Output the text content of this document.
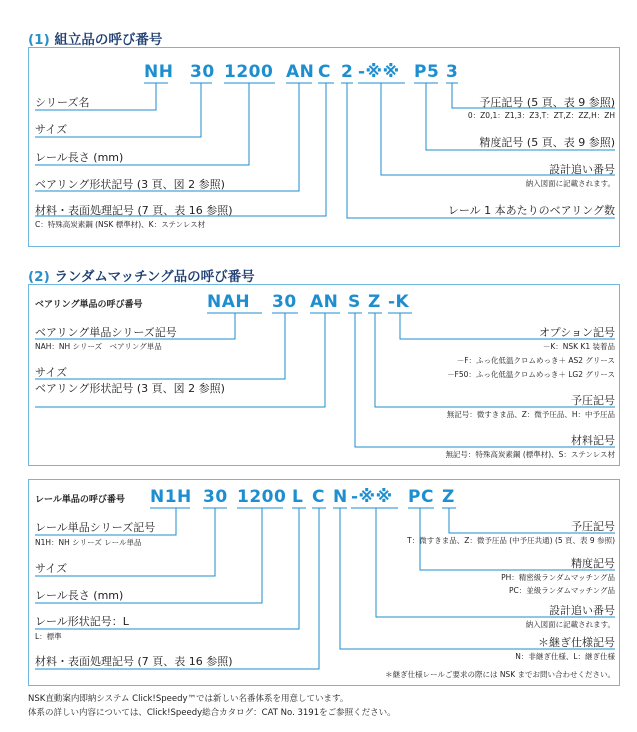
(1) 組立品の呼び番号
NH 30 1200 AN C 2 -※※ P5 3
シリーズ名
サイズ
レール長さ (mm)
ベアリング形状記号 (3 頁、図 2 参照)
材料・表面処理記号 (7 頁、表 16 参照)
C：特殊高炭素鋼 (NSK 標準材)、K：ステンレス材
予圧記号 (5 頁、表 9 参照)
0：Z0,1：Z1,3：Z3,T：ZT,Z：ZZ,H：ZH
精度記号 (5 頁、表 9 参照)
設計追い番号
納入図面に記載されます。
レール 1 本あたりのベアリング数
(2) ランダムマッチング品の呼び番号
ベアリング単品の呼び番号	NAH 30 AN S Z -K
ベアリング単品シリーズ記号
NAH：NH シリーズ　ベアリング単品
サイズ
ベアリング形状記号 (3 頁、図 2 参照)
オプション記号
－K：NSK K1 装着品
－F：ふっ化低温クロムめっき＋ AS2 グリース
－F50：ふっ化低温クロムめっき＋ LG2 グリース
予圧記号
無記号：微すきま品、Z：微予圧品、H：中予圧品
材料記号
無記号：特殊高炭素鋼 (標準材)、S：ステンレス材
レール単品の呼び番号 N1H 30 1200 L C N -※※ PC Z
レール単品シリーズ記号
N1H：NH シリーズ レール単品
サイズ
レール長さ (mm)
レール形状記号：L
L：標準
材料・表面処理記号 (7 頁、表 16 参照)
予圧記号
T：微すきま品、Z：微予圧品 (中予圧共通) (5 頁、表 9 参照)
精度記号
PH：精密級ランダムマッチング品
PC：並級ランダムマッチング品
設計追い番号
納入図面に記載されます。
＊継ぎ仕様記号
N：非継ぎ仕様、L：継ぎ仕様
＊継ぎ仕様レールご要求の際には NSK までお問い合わせください。
NSK直動案内即納システム Click!Speedy™では新しい名番体系を用意しています。
体系の詳しい内容については、Click!Speedy総合カタログ：CAT No. 3191をご参照ください。
